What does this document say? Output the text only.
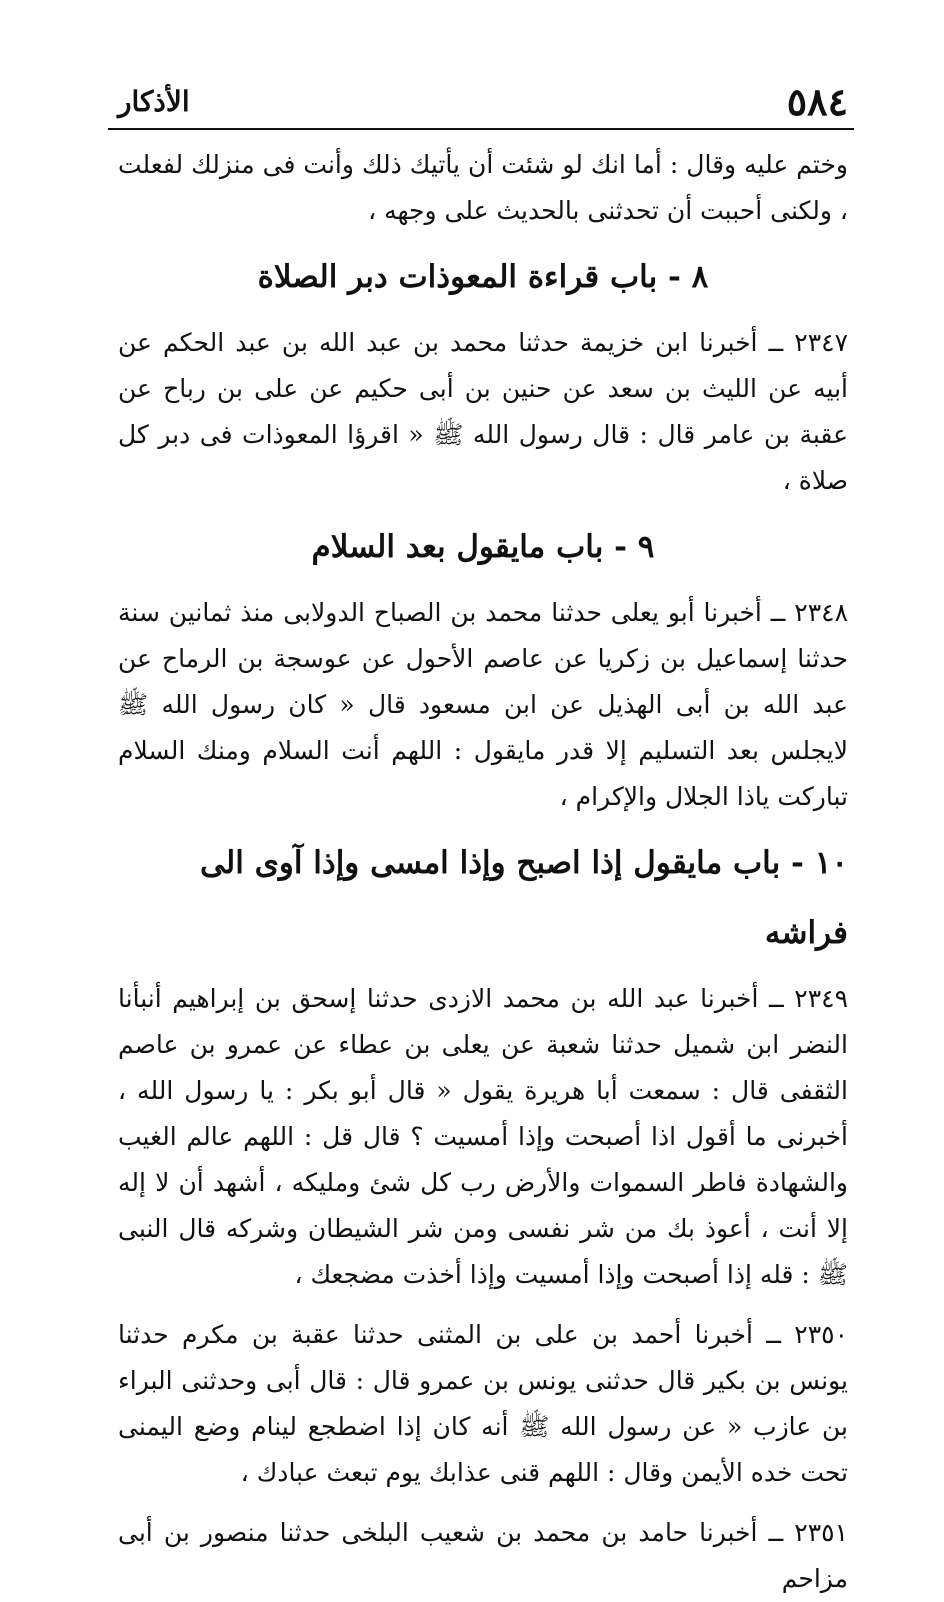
٥٨٤
الأذكار

وختم عليه وقال : أما انك لو شئت أن يأتيك ذلك وأنت فى منزلك لفعلت ، ولكنى أحببت أن تحدثنى بالحديث على وجهه ،

٨ - باب قراءة المعوذات دبر الصلاة

٢٣٤٧ ــ أخبرنا ابن خزيمة حدثنا محمد بن عبد الله بن عبد الحكم عن أبيه عن الليث بن سعد عن حنين بن أبى حكيم عن على بن رباح عن عقبة بن عامر قال : قال رسول الله ﷺ « اقرؤا المعوذات فى دبر كل صلاة ،

٩ - باب مايقول بعد السلام

٢٣٤٨ ــ أخبرنا أبو يعلى حدثنا محمد بن الصباح الدولابى منذ ثمانين سنة حدثنا إسماعيل بن زكريا عن عاصم الأحول عن عوسجة بن الرماح عن عبد الله بن أبى الهذيل عن ابن مسعود قال « كان رسول الله ﷺ لايجلس بعد التسليم إلا قدر مايقول : اللهم أنت السلام ومنك السلام تباركت ياذا الجلال والإكرام ،

١٠ - باب مايقول إذا اصبح وإذا امسى وإذا آوى الى فراشه

٢٣٤٩ ــ أخبرنا عبد الله بن محمد الازدى حدثنا إسحق بن إبراهيم أنبأنا النضر ابن شميل حدثنا شعبة عن يعلى بن عطاء عن عمرو بن عاصم الثقفى قال : سمعت أبا هريرة يقول « قال أبو بكر : يا رسول الله ، أخبرنى ما أقول اذا أصبحت وإذا أمسيت ؟ قال قل : اللهم عالم الغيب والشهادة فاطر السموات والأرض رب كل شئ ومليكه ، أشهد أن لا إله إلا أنت ، أعوذ بك من شر نفسى ومن شر الشيطان وشركه قال النبى ﷺ : قله إذا أصبحت وإذا أمسيت وإذا أخذت مضجعك ،

٢٣٥٠ ــ أخبرنا أحمد بن على بن المثنى حدثنا عقبة بن مكرم حدثنا يونس بن بكير قال حدثنى يونس بن عمرو قال : قال أبى وحدثنى البراء بن عازب « عن رسول الله ﷺ أنه كان إذا اضطجع لينام وضع اليمنى تحت خده الأيمن وقال : اللهم قنى عذابك يوم تبعث عبادك ،

٢٣٥١ ــ أخبرنا حامد بن محمد بن شعيب البلخى حدثنا منصور بن أبى مزاحم
